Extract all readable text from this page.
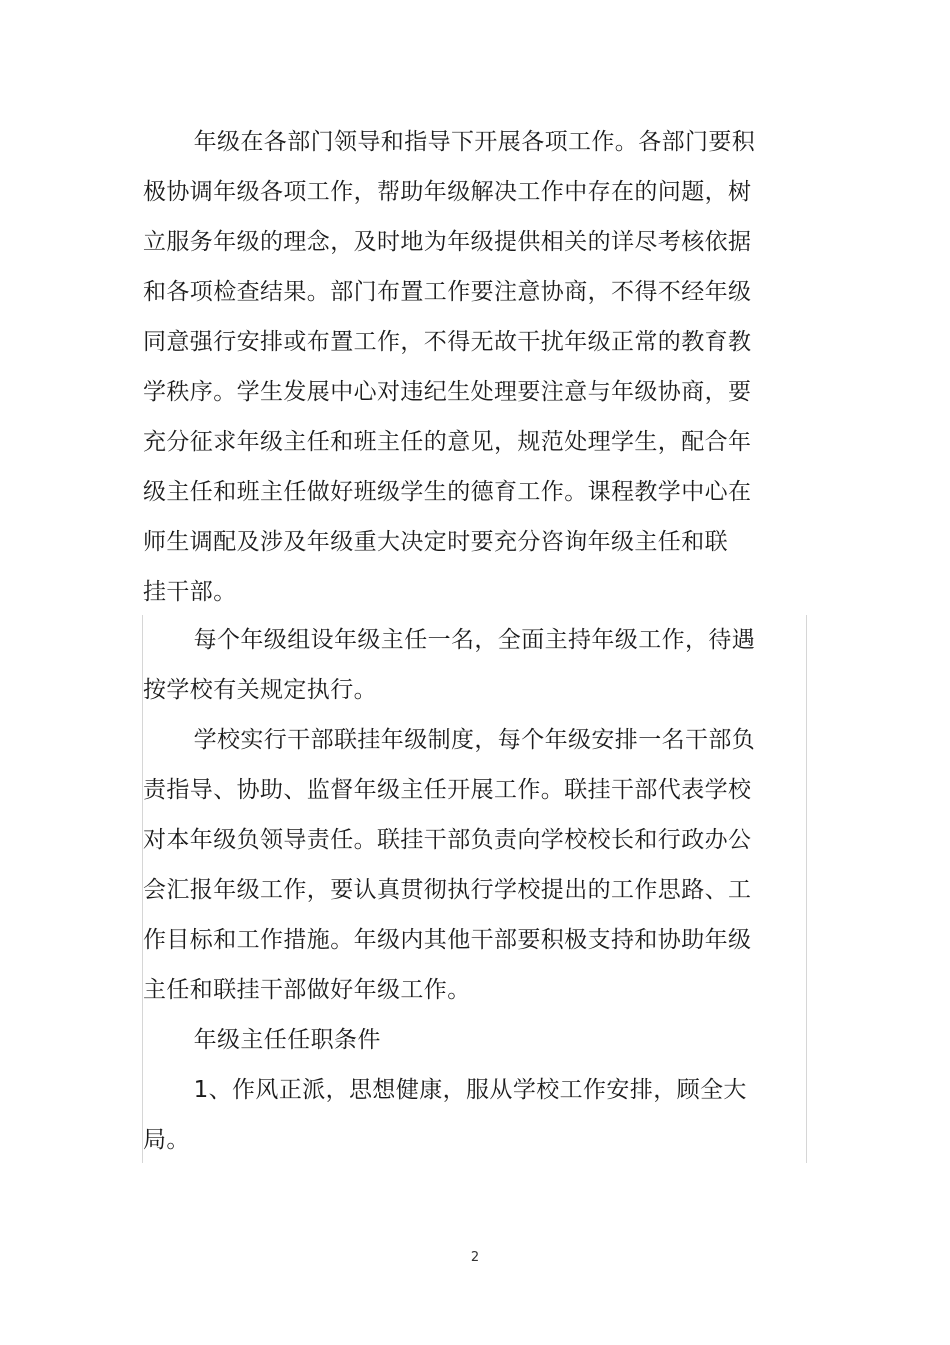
年级在各部门领导和指导下开展各项工作。各部门要积
极协调年级各项工作，帮助年级解决工作中存在的问题，树
立服务年级的理念，及时地为年级提供相关的详尽考核依据
和各项检查结果。部门布置工作要注意协商，不得不经年级
同意强行安排或布置工作，不得无故干扰年级正常的教育教
学秩序。学生发展中心对违纪生处理要注意与年级协商，要
充分征求年级主任和班主任的意见，规范处理学生，配合年
级主任和班主任做好班级学生的德育工作。课程教学中心在
师生调配及涉及年级重大决定时要充分咨询年级主任和联
挂干部。

每个年级组设年级主任一名，全面主持年级工作，待遇
按学校有关规定执行。

学校实行干部联挂年级制度，每个年级安排一名干部负
责指导、协助、监督年级主任开展工作。联挂干部代表学校
对本年级负领导责任。联挂干部负责向学校校长和行政办公
会汇报年级工作，要认真贯彻执行学校提出的工作思路、工
作目标和工作措施。年级内其他干部要积极支持和协助年级
主任和联挂干部做好年级工作。

年级主任任职条件

1、作风正派，思想健康，服从学校工作安排，顾全大
局。

2
